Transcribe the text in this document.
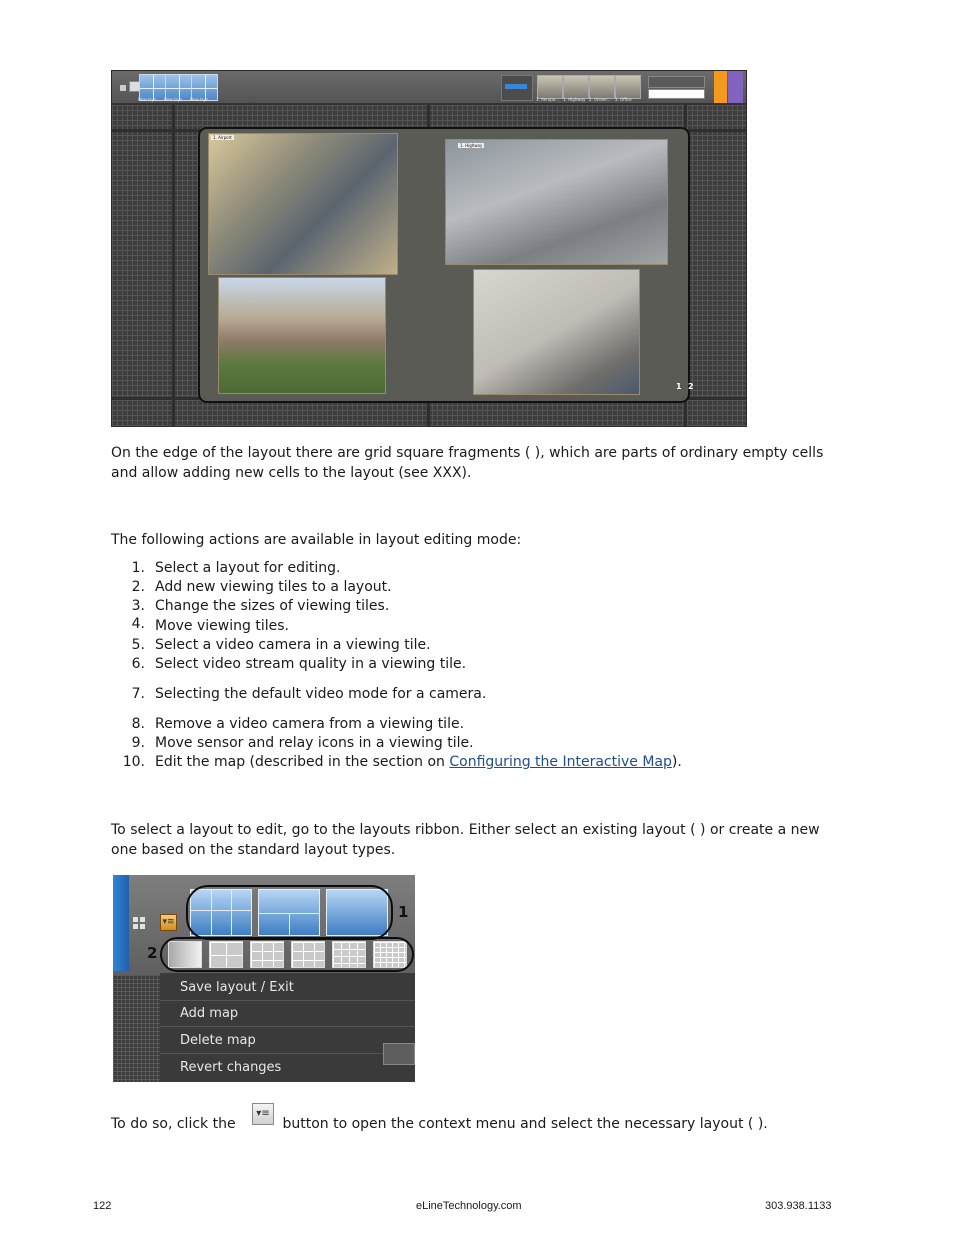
New layo... New layo... New layo...	3. Aeropo... 1. Highway 2. Univer... 3. Office
1. Airport
1. Highway
1 2

On the edge of the layout there are grid square fragments ( ), which are parts of ordinary empty cells and allow adding new cells to the layout (see XXX).

The following actions are available in layout editing mode:

1. Select a layout for editing.
2. Add new viewing tiles to a layout.
3. Change the sizes of viewing tiles.
4. Move viewing tiles.
5. Select a video camera in a viewing tile.
6. Select video stream quality in a viewing tile.
7. Selecting the default video mode for a camera.
8. Remove a video camera from a viewing tile.
9. Move sensor and relay icons in a viewing tile.
10. Edit the map (described in the section on Configuring the Interactive Map).

To select a layout to edit, go to the layouts ribbon. Either select an existing layout ( ) or create a new one based on the standard layout types.

▾≡
1
2
Save layout / Exit
Add map
Delete map
Revert changes

To do so, click the	button to open the context menu and select the necessary layout ( ).

▾≡
122	eLineTechnology.com	303.938.1133
